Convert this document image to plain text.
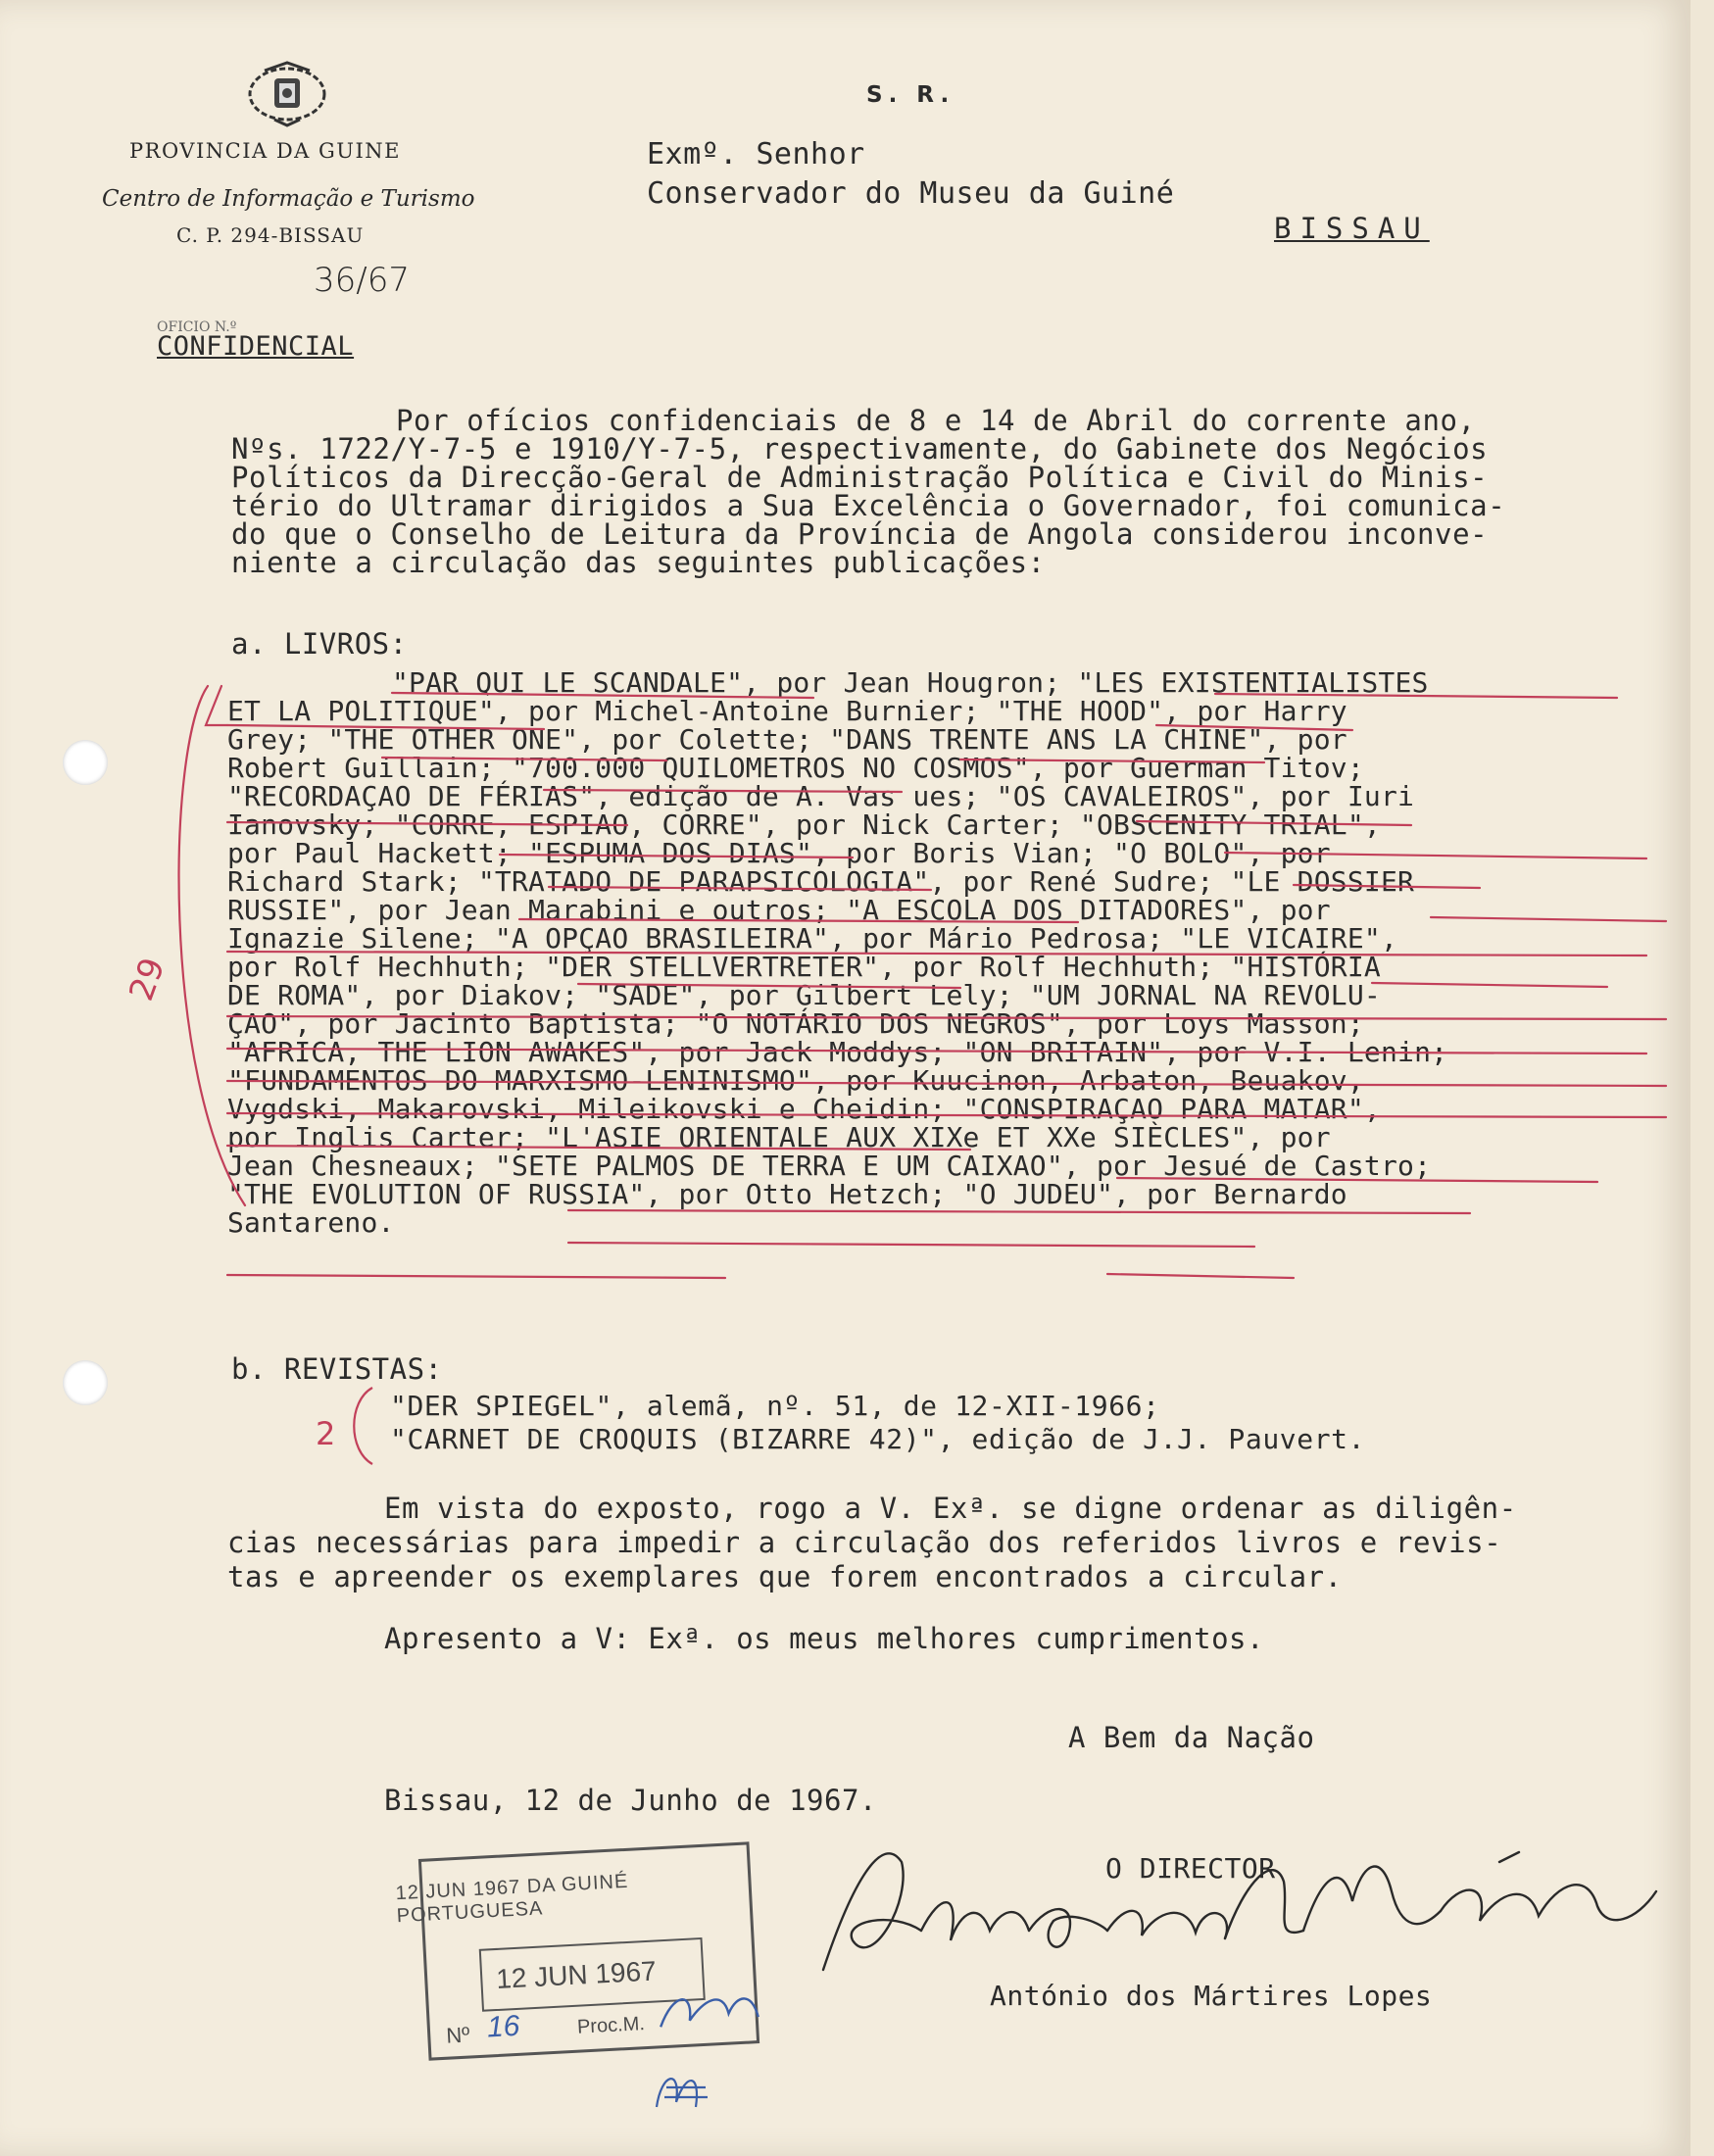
PROVINCIA DA GUINE
Centro de Informação e Turismo
C. P. 294-BISSAU
36/67
OFICIO N.º
CONFIDENCIAL
S. R.
Exmº. Senhor
Conservador do Museu da Guiné
BISSAU
Por ofícios confidenciais de 8 e 14 de Abril do corrente ano,
Nºs. 1722/Y-7-5 e 1910/Y-7-5, respectivamente, do Gabinete dos Negócios
Políticos da Direcção-Geral de Administração Política e Civil do Minis-
tério do Ultramar dirigidos a Sua Excelência o Governador, foi comunica-
do que o Conselho de Leitura da Província de Angola considerou inconve-
niente a circulação das seguintes publicações:
a. LIVROS:
"PAR QUI LE SCANDALE", por Jean Hougron; "LES EXISTENTIALISTES
ET LA POLITIQUE", por Michel-Antoine Burnier; "THE HOOD", por Harry
Grey; "THE OTHER ONE", por Colette; "DANS TRENTE ANS LA CHINE", por
Robert Guillain; "700.000 QUILOMETROS NO COSMOS", por Guerman Titov;
"RECORDAÇAO DE FÉRIAS", edição de A. Vas ues; "OS CAVALEIROS", por Iuri
Ianovsky; "CORRE, ESPIAO, CORRE", por Nick Carter; "OBSCENITY TRIAL",
por Paul Hackett; "ESPUMA DOS DIAS", por Boris Vian; "O BOLO", por
Richard Stark; "TRATADO DE PARAPSICOLOGIA", por René Sudre; "LE DOSSIER
RUSSIE", por Jean Marabini e outros; "A ESCOLA DOS DITADORES", por
Ignazie Silene; "A OPÇAO BRASILEIRA", por Mário Pedrosa; "LE VICAIRE",
por Rolf Hechhuth; "DER STELLVERTRETER", por Rolf Hechhuth; "HISTÓRIA
DE ROMA", por Diakov; "SADE", por Gilbert Lely; "UM JORNAL NA REVOLU-
ÇAO", por Jacinto Baptista; "O NOTÁRIO DOS NEGROS", por Loys Masson;
"AFRICA, THE LION AWAKES", por Jack Moddys; "ON BRITAIN", por V.I. Lenin;
"FUNDAMENTOS DO MARXISMO-LENINISMO", por Kuucinon, Arbaton, Beuakov,
Vygdski, Makarovski, Mileikovski e Cheidin; "CONSPIRAÇAO PARA MATAR",
por Inglis Carter; "L'ASIE ORIENTALE AUX XIXe ET XXe SIÈCLES", por
Jean Chesneaux; "SETE PALMOS DE TERRA E UM CAIXAO", por Jesué de Castro;
"THE EVOLUTION OF RUSSIA", por Otto Hetzch; "O JUDEU", por Bernardo
Santareno.
29
b. REVISTAS:
"DER SPIEGEL", alemã, nº. 51, de 12-XII-1966;
"CARNET DE CROQUIS (BIZARRE 42)", edição de J.J. Pauvert.
2
Em vista do exposto, rogo a V. Exª. se digne ordenar as diligên-
cias necessárias para impedir a circulação dos referidos livros e revis-
tas e apreender os exemplares que forem encontrados a circular.
Apresento a V: Exª. os meus melhores cumprimentos.
A Bem da Nação
Bissau, 12 de Junho de 1967.
O DIRECTOR
António dos Mártires Lopes
12 JUN 1967 DA GUINÉ PORTUGUESA
12 JUN 1967
Nº 16	Proc.M.
